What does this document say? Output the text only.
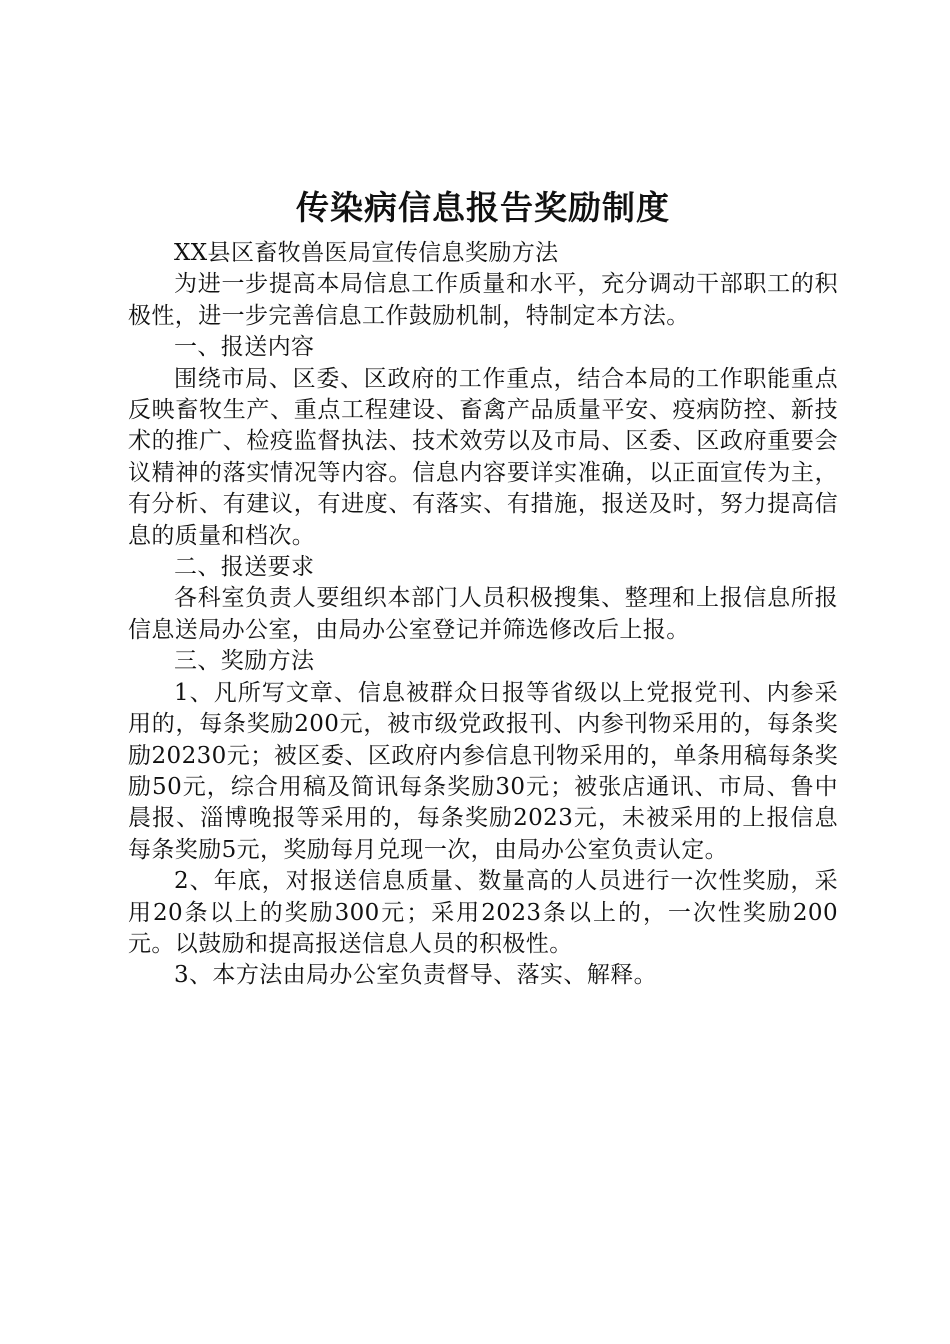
传染病信息报告奖励制度

XX县区畜牧兽医局宣传信息奖励方法

为进一步提高本局信息工作质量和水平，充分调动干部职工的积极性，进一步完善信息工作鼓励机制，特制定本方法。

一、报送内容

围绕市局、区委、区政府的工作重点，结合本局的工作职能重点反映畜牧生产、重点工程建设、畜禽产品质量平安、疫病防控、新技术的推广、检疫监督执法、技术效劳以及市局、区委、区政府重要会议精神的落实情况等内容。信息内容要详实准确，以正面宣传为主，有分析、有建议，有进度、有落实、有措施，报送及时，努力提高信息的质量和档次。

二、报送要求

各科室负责人要组织本部门人员积极搜集、整理和上报信息所报信息送局办公室，由局办公室登记并筛选修改后上报。

三、奖励方法

1、凡所写文章、信息被群众日报等省级以上党报党刊、内参采用的，每条奖励200元，被市级党政报刊、内参刊物采用的，每条奖励20230元；被区委、区政府内参信息刊物采用的，单条用稿每条奖励50元，综合用稿及简讯每条奖励30元；被张店通讯、市局、鲁中晨报、淄博晚报等采用的，每条奖励2023元，未被采用的上报信息每条奖励5元，奖励每月兑现一次，由局办公室负责认定。

2、年底，对报送信息质量、数量高的人员进行一次性奖励，采用20条以上的奖励300元；采用2023条以上的，一次性奖励200元。以鼓励和提高报送信息人员的积极性。

3、本方法由局办公室负责督导、落实、解释。
